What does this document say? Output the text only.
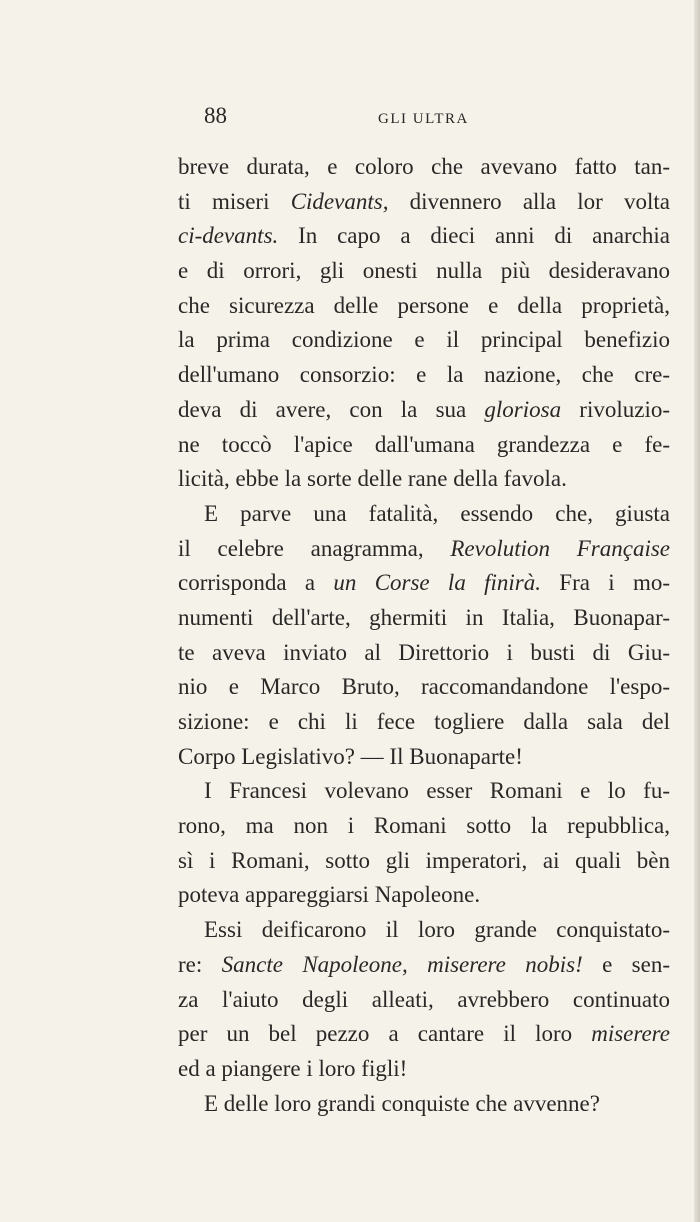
88	GLI ULTRA
breve durata, e coloro che avevano fatto tan-
ti miseri Cidevants, divennero alla lor volta
ci-devants. In capo a dieci anni di anarchia
e di orrori, gli onesti nulla più desideravano
che sicurezza delle persone e della proprietà,
la prima condizione e il principal benefizio
dell'umano consorzio: e la nazione, che cre-
deva di avere, con la sua gloriosa rivoluzio-
ne toccò l'apice dall'umana grandezza e fe-
licità, ebbe la sorte delle rane della favola.
E parve una fatalità, essendo che, giusta
il celebre anagramma, Revolution Française
corrisponda a un Corse la finirà. Fra i mo-
numenti dell'arte, ghermiti in Italia, Buonapar-
te aveva inviato al Direttorio i busti di Giu-
nio e Marco Bruto, raccomandandone l'espo-
sizione: e chi li fece togliere dalla sala del
Corpo Legislativo? — Il Buonaparte!
I Francesi volevano esser Romani e lo fu-
rono, ma non i Romani sotto la repubblica,
sì i Romani, sotto gli imperatori, ai quali bèn
poteva appareggiarsi Napoleone.
Essi deificarono il loro grande conquistato-
re: Sancte Napoleone, miserere nobis! e sen-
za l'aiuto degli alleati, avrebbero continuato
per un bel pezzo a cantare il loro miserere
ed a piangere i loro figli!
E delle loro grandi conquiste che avvenne?
